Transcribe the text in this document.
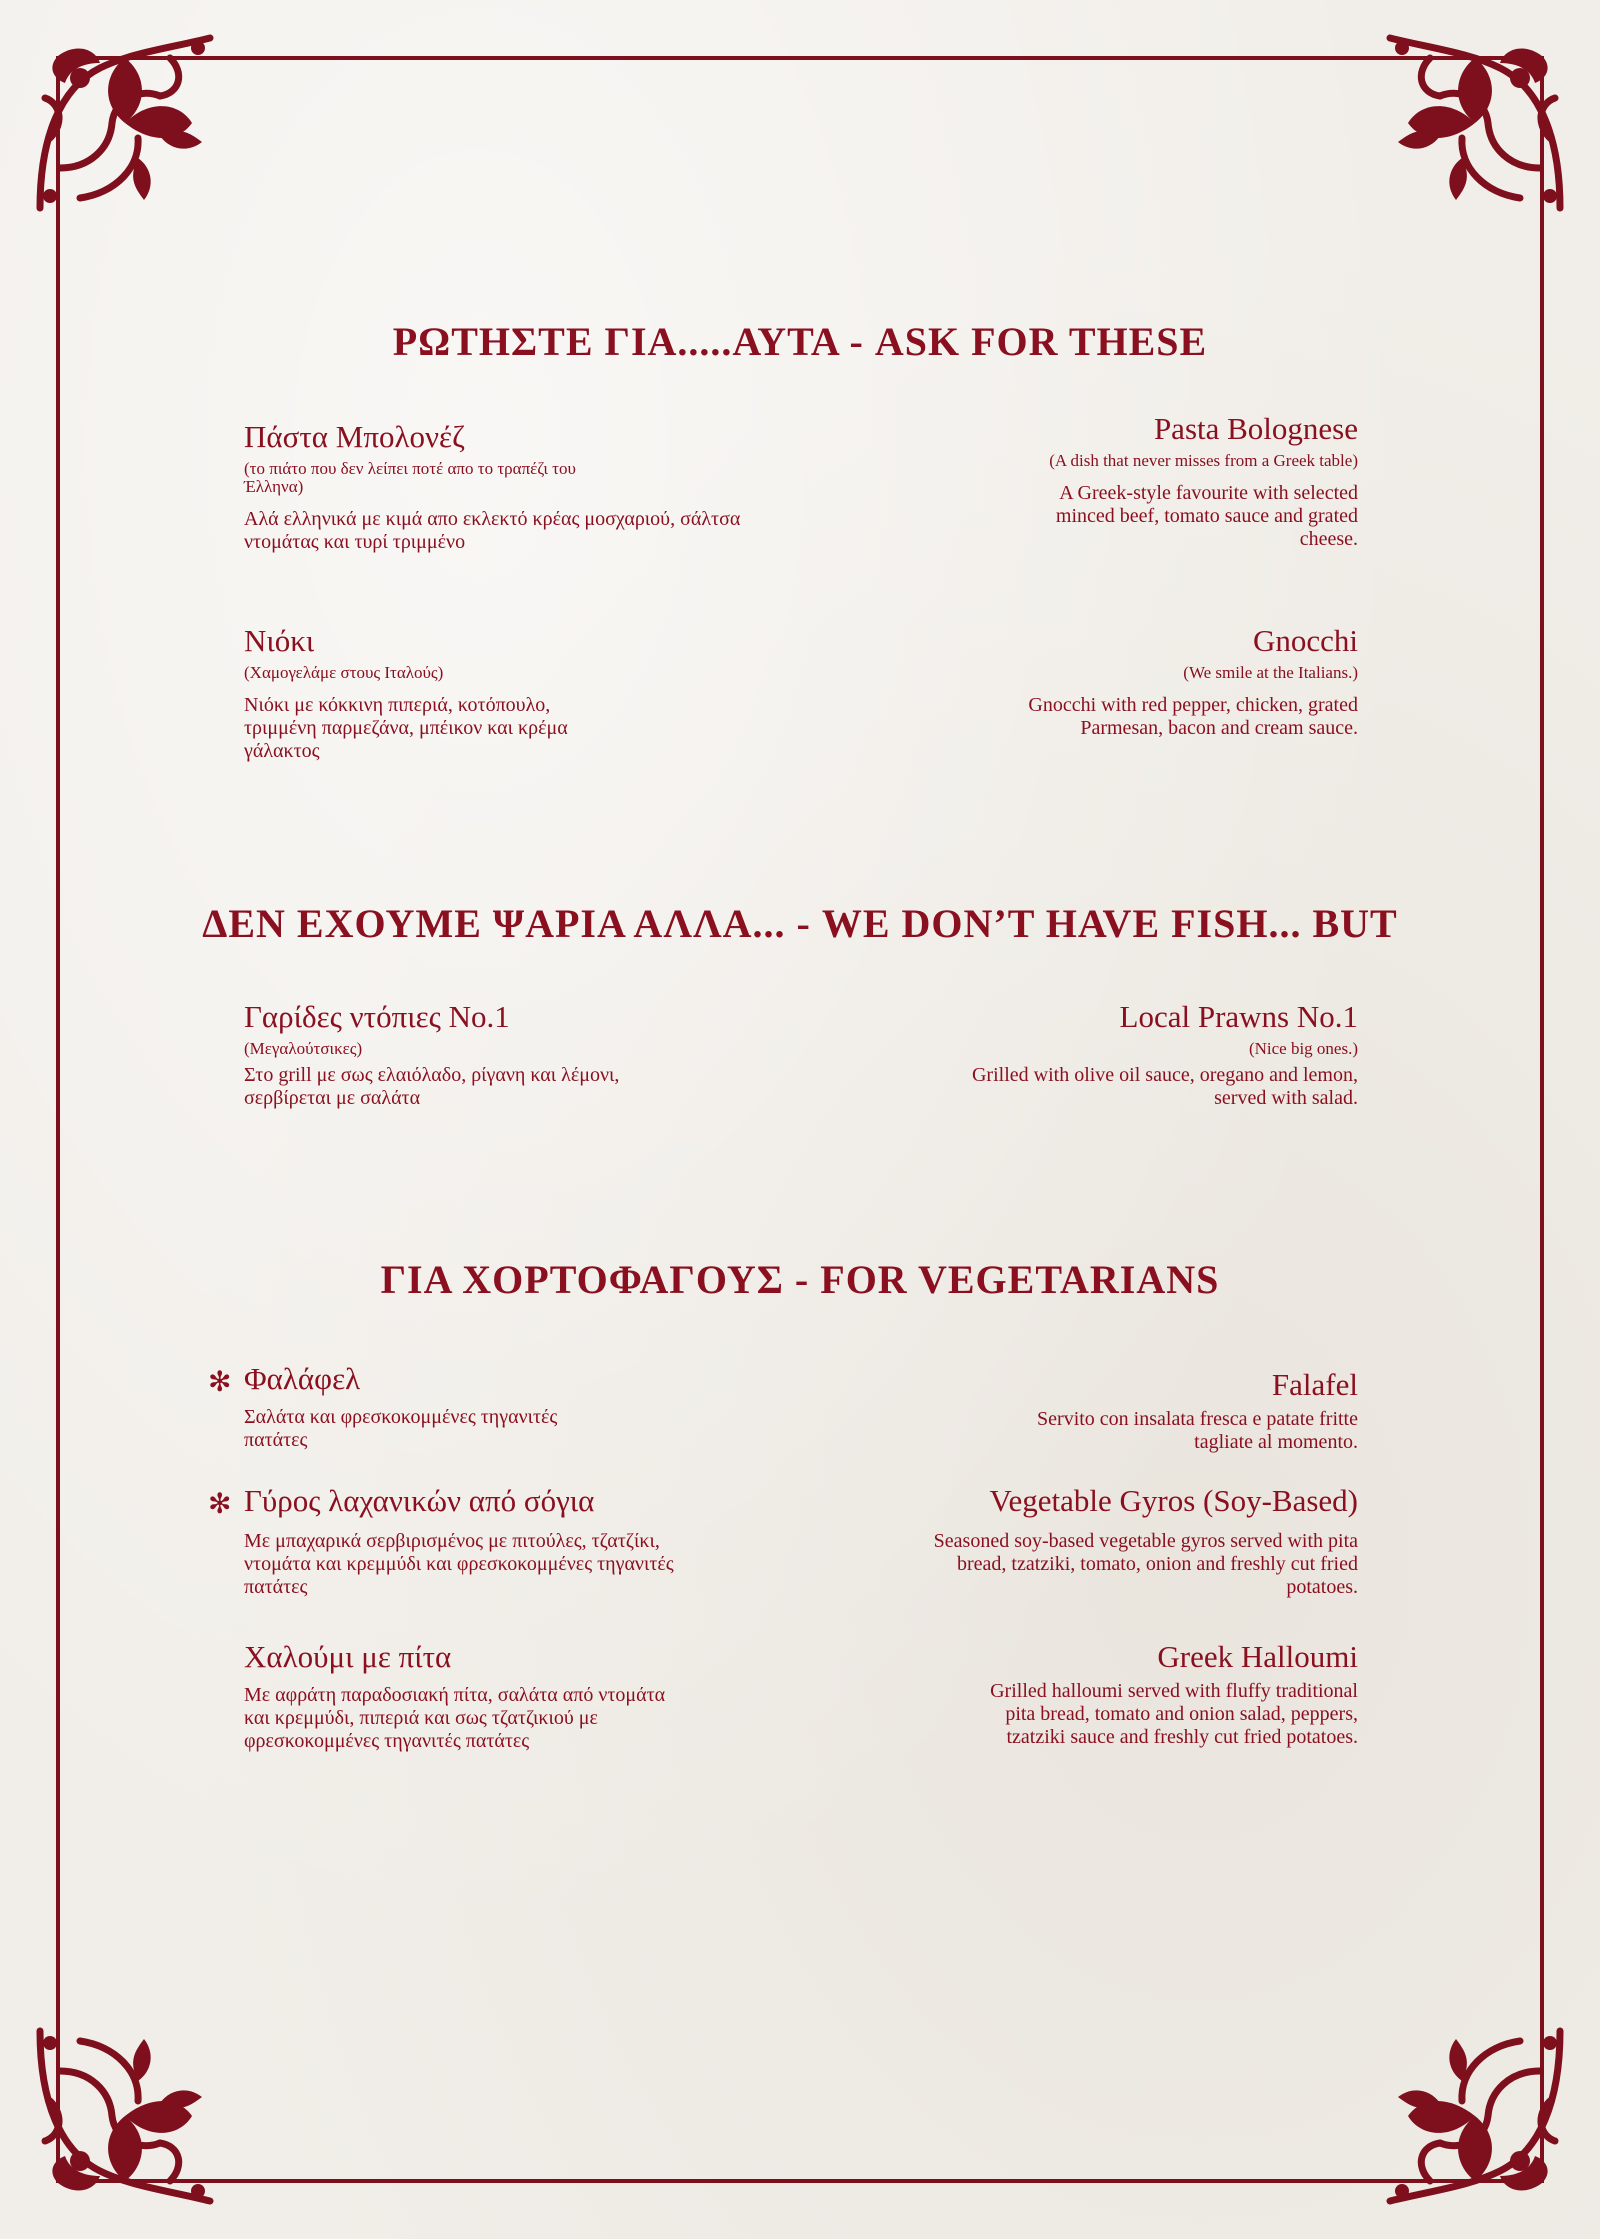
ΡΩΤΗΣΤΕ ΓΙΑ.....ΑΥΤΑ - ASK FOR THESE

Πάστα Μπολονέζ

(το πιάτο που δεν λείπει ποτέ απο το τραπέζι του Έλληνα)

Αλά ελληνικά με κιμά απο εκλεκτό κρέας μοσχαριού, σάλτσα ντομάτας και τυρί τριμμένο

Pasta Bolognese

(A dish that never misses from a Greek table)

A Greek-style favourite with selected minced beef, tomato sauce and grated cheese.

Νιόκι

(Χαμογελάμε στους Ιταλούς)

Νιόκι με κόκκινη πιπεριά, κοτόπουλο, τριμμένη παρμεζάνα, μπέικον και κρέμα γάλακτος

Gnocchi

(We smile at the Italians.)

Gnocchi with red pepper, chicken, grated Parmesan, bacon and cream sauce.

ΔΕΝ ΕΧΟΥΜΕ ΨΑΡΙΑ ΑΛΛΑ... - WE DON’T HAVE FISH... BUT

Γαρίδες ντόπιες No.1

(Μεγαλούτσικες)

Στο grill με σως ελαιόλαδο, ρίγανη και λέμονι, σερβίρεται με σαλάτα

Local Prawns No.1

(Nice big ones.)

Grilled with olive oil sauce, oregano and lemon, served with salad.

ΓΙΑ ΧΟΡΤΟΦΑΓΟΥΣ - FOR VEGETARIANS
✻ Φαλάφελ

Σαλάτα και φρεσκοκομμένες τηγανιτές πατάτες

Falafel

Servito con insalata fresca e patate fritte tagliate al momento.

✻ Γύρος λαχανικών από σόγια

Με μπαχαρικά σερβιρισμένος με πιτούλες, τζατζίκι, ντομάτα και κρεμμύδι και φρεσκοκομμένες τηγανιτές πατάτες

Vegetable Gyros (Soy-Based)

Seasoned soy-based vegetable gyros served with pita bread, tzatziki, tomato, onion and freshly cut fried potatoes.

Χαλούμι με πίτα

Με αφράτη παραδοσιακή πίτα, σαλάτα από ντομάτα και κρεμμύδι, πιπεριά και σως τζατζικιού με φρεσκοκομμένες τηγανιτές πατάτες

Greek Halloumi

Grilled halloumi served with fluffy traditional pita bread, tomato and onion salad, peppers, tzatziki sauce and freshly cut fried potatoes.
